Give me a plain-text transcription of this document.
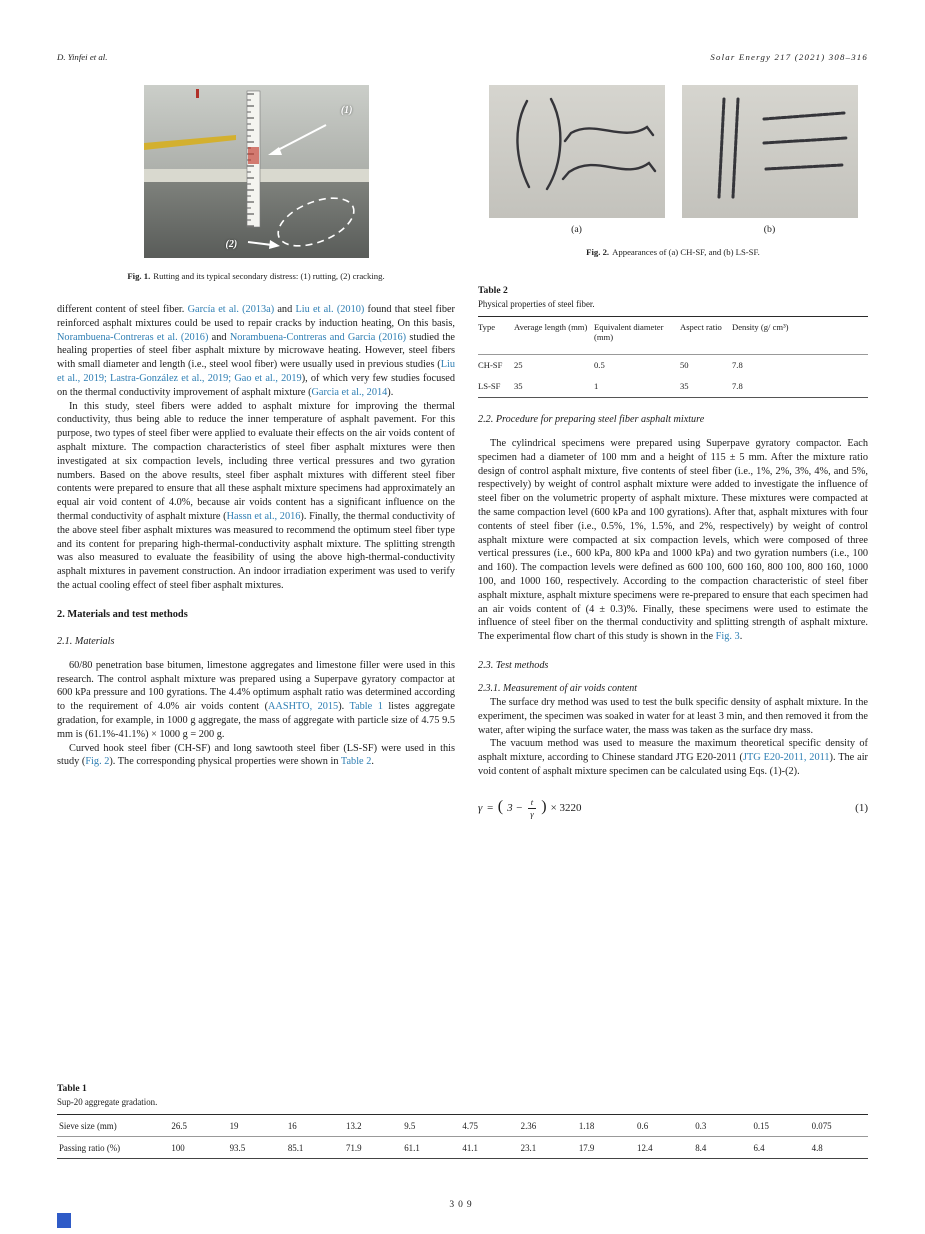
D. Yinfei et al.	Solar Energy 217 (2021) 308–316
(1)
(2)
Fig. 1. Rutting and its typical secondary distress: (1) rutting, (2) cracking.

different content of steel fiber. García et al. (2013a) and Liu et al. (2010) found that steel fiber reinforced asphalt mixtures could be used to repair cracks by induction heating, On this basis, Norambuena-Contreras et al. (2016) and Norambuena-Contreras and Garcia (2016) studied the healing properties of steel fiber asphalt mixture by microwave heating. However, steel fibers with small diameter and length (i.e., steel wool fiber) were usually used in previous studies (Liu et al., 2019; Lastra-González et al., 2019; Gao et al., 2019), of which very few studies focused on the thermal conductivity improvement of asphalt mixture (Garcia et al., 2014).

In this study, steel fibers were added to asphalt mixture for improving the thermal conductivity, thus being able to reduce the inner temperature of asphalt pavement. For this purpose, two types of steel fiber were applied to evaluate their effects on the air voids content of asphalt mixture. The compaction characteristics of steel fiber asphalt mixtures were then investigated at six compaction levels, including three vertical pressures and two gyration numbers. Based on the above results, steel fiber asphalt mixtures with different steel fiber contents were prepared to ensure that all these asphalt mixture specimens had approximately an equal air void content of 4.0%, because air voids content has a significant influence on the thermal conductivity of asphalt mixture (Hassn et al., 2016). Finally, the thermal conductivity of the above steel fiber asphalt mixtures was measured to recommend the optimum steel fiber type and its content for preparing high-thermal-conductivity asphalt mixture. The splitting strength was also measured to evaluate the feasibility of using the above high-thermal-conductivity asphalt mixtures in pavement construction. An indoor irradiation experiment was used to verify the actual cooling effect of steel fiber asphalt mixtures.

2. Materials and test methods
2.1. Materials

60/80 penetration base bitumen, limestone aggregates and limestone filler were used in this research. The control asphalt mixture was prepared using a Superpave gyratory compactor at 600 kPa pressure and 100 gyrations. The 4.4% optimum asphalt ratio was determined according to the requirement of 4.0% air voids content (AASHTO, 2015). Table 1 listes aggregate gradation, for example, in 1000 g aggregate, the mass of aggregate with particle size of 4.75 9.5 mm is (61.1%-41.1%) × 1000 g = 200 g.

Curved hook steel fiber (CH-SF) and long sawtooth steel fiber (LS-SF) were used in this study (Fig. 2). The corresponding physical properties were shown in Table 2.

(a)	(b)
Fig. 2. Appearances of (a) CH-SF, and (b) LS-SF.
Table 2
Physical properties of steel fiber.
Type	Average length (mm)	Equivalent diameter (mm)	Aspect ratio	Density (g/ cm³)
CH-SF	25	0.5	50	7.8
LS-SF	35	1	35	7.8
2.2. Procedure for preparing steel fiber asphalt mixture

The cylindrical specimens were prepared using Superpave gyratory compactor. Each specimen had a diameter of 100 mm and a height of 115 ± 5 mm. After the mixture ratio design of control asphalt mixture, five contents of steel fiber (i.e., 1%, 2%, 3%, 4%, and 5%, respectively) by weight of control asphalt mixture were added to investigate the influence of steel fiber on the volumetric property of asphalt mixture. These mixtures were compacted at the same compaction level (600 kPa and 100 gyrations). After that, asphalt mixtures with four contents of steel fiber (i.e., 0.5%, 1%, 1.5%, and 2%, respectively) by weight of control asphalt mixture were compacted at six compaction levels, which were composed of three vertical pressures (i.e., 600 kPa, 800 kPa and 1000 kPa) and two gyration numbers (i.e., 100 and 160). The compaction levels were defined as 600 100, 600 160, 800 100, 800 160, 1000 100, and 1000 160, respectively. According to the compaction characteristic of steel fiber asphalt mixture, asphalt mixture specimens were re-prepared to ensure that each specimen had an air voids content of (4 ± 0.3)%. Finally, these specimens were used to estimate the influence of steel fiber on the thermal conductivity and splitting strength of asphalt mixture. The experimental flow chart of this study is shown in the Fig. 3.

2.3. Test methods
2.3.1. Measurement of air voids content

The surface dry method was used to test the bulk specific density of asphalt mixture. In the experiment, the specimen was soaked in water for at least 3 min, and then removed it from the water, after wiping the surface water, the mass was taken as the surface dry mass.

The vacuum method was used to measure the maximum theoretical specific density of asphalt mixture, according to Chinese standard JTG E20-2011 (JTG E20-2011, 2011). The air void content of asphalt mixture specimen can be calculated using Eqs. (1)-(2).

γ = ( $3 - \frac{t}{\gamma}$ ) × 3220	(1)
Table 1
Sup-20 aggregate gradation.
Sieve size (mm)	26.5	19	16	13.2	9.5	4.75	2.36	1.18	0.6	0.3	0.15	0.075
Passing ratio (%)	100	93.5	85.1	71.9	61.1	41.1	23.1	17.9	12.4	8.4	6.4	4.8
309
